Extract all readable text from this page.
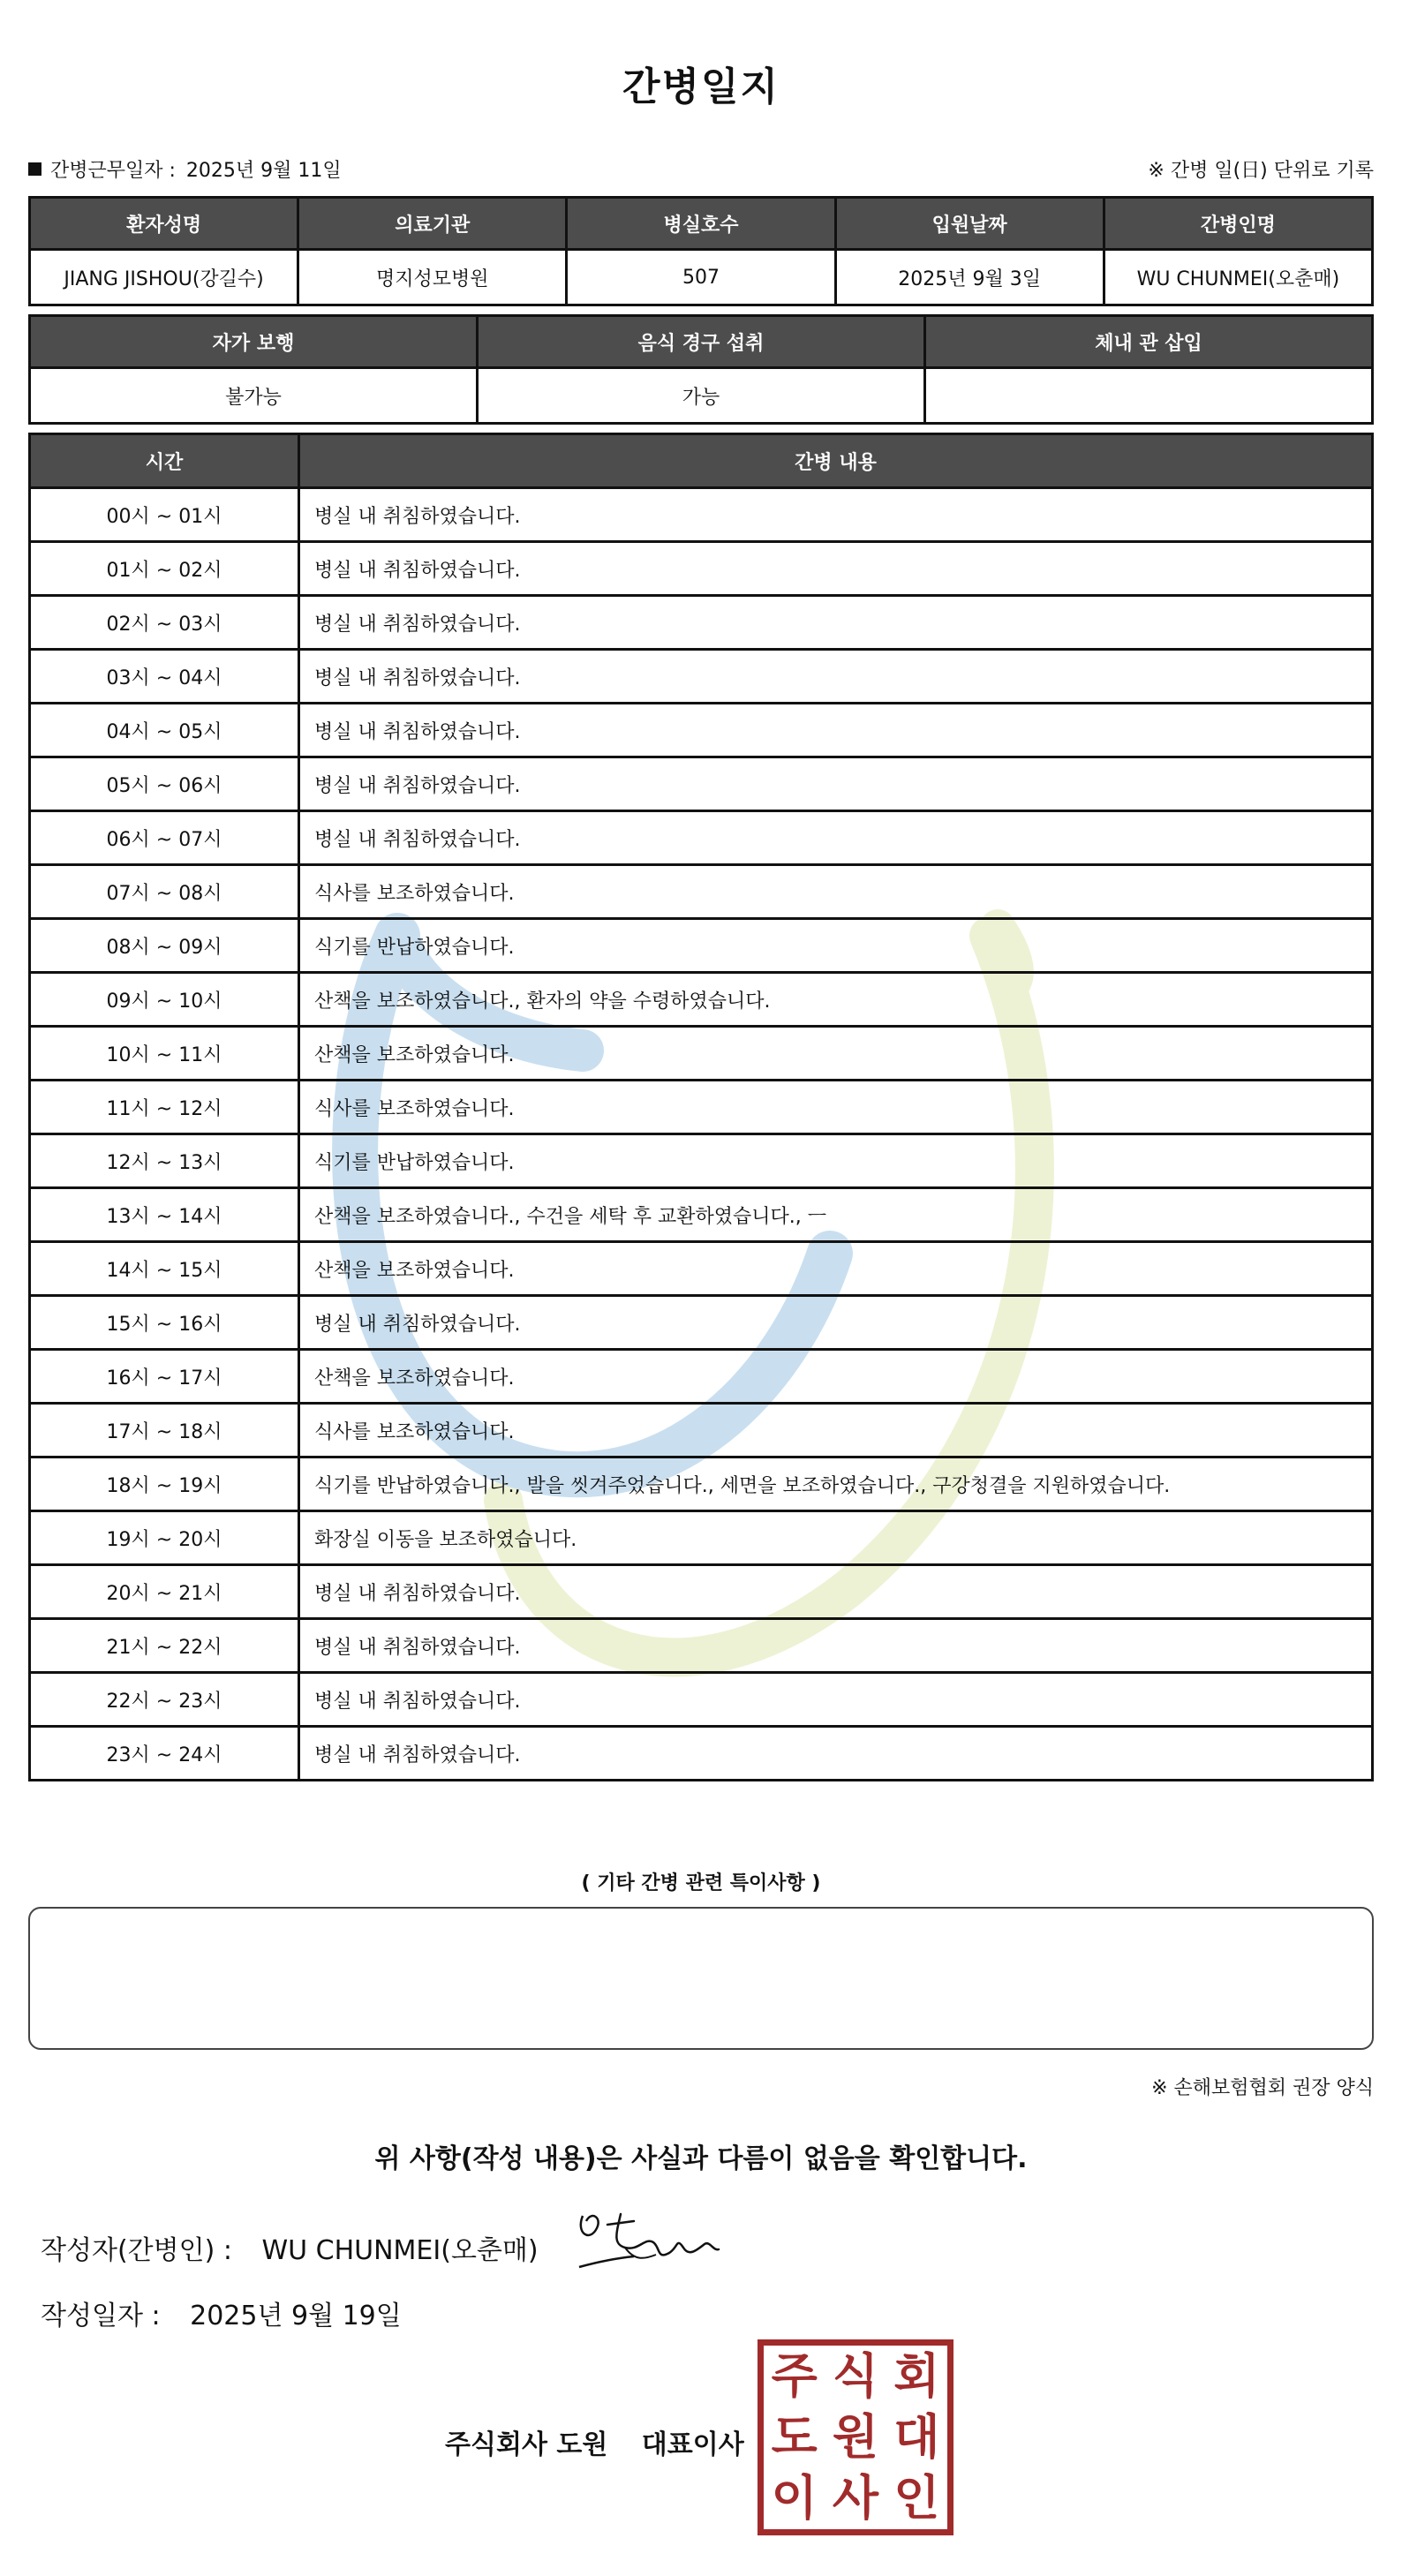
간병일지
간병근무일자 : 2025년 9월 11일	※ 간병 일(日) 단위로 기록
환자성명	의료기관	병실호수	입원날짜	간병인명
JIANG JISHOU(강길수)	명지성모병원	507	2025년 9월 3일	WU CHUNMEI(오춘매)
자가 보행	음식 경구 섭취	체내 관 삽입
불가능	가능	
시간	간병 내용
00시 ~ 01시	병실 내 취침하였습니다.
01시 ~ 02시	병실 내 취침하였습니다.
02시 ~ 03시	병실 내 취침하였습니다.
03시 ~ 04시	병실 내 취침하였습니다.
04시 ~ 05시	병실 내 취침하였습니다.
05시 ~ 06시	병실 내 취침하였습니다.
06시 ~ 07시	병실 내 취침하였습니다.
07시 ~ 08시	식사를 보조하였습니다.
08시 ~ 09시	식기를 반납하였습니다.
09시 ~ 10시	산책을 보조하였습니다., 환자의 약을 수령하였습니다.
10시 ~ 11시	산책을 보조하였습니다.
11시 ~ 12시	식사를 보조하였습니다.
12시 ~ 13시	식기를 반납하였습니다.
13시 ~ 14시	산책을 보조하였습니다., 수건을 세탁 후 교환하였습니다., ㅡ
14시 ~ 15시	산책을 보조하였습니다.
15시 ~ 16시	병실 내 취침하였습니다.
16시 ~ 17시	산책을 보조하였습니다.
17시 ~ 18시	식사를 보조하였습니다.
18시 ~ 19시	식기를 반납하였습니다., 발을 씻겨주었습니다., 세면을 보조하였습니다., 구강청결을 지원하였습니다.
19시 ~ 20시	화장실 이동을 보조하였습니다.
20시 ~ 21시	병실 내 취침하였습니다.
21시 ~ 22시	병실 내 취침하였습니다.
22시 ~ 23시	병실 내 취침하였습니다.
23시 ~ 24시	병실 내 취침하였습니다.
( 기타 간병 관련 특이사항 )
※ 손해보험협회 권장 양식
위 사항(작성 내용)은 사실과 다름이 없음을 확인합니다.
작성자(간병인) : WU CHUNMEI(오춘매)
작성일자 : 2025년 9월 19일
주식회사 도원 대표이사
주 식 회
도 원 대
이 사 인
